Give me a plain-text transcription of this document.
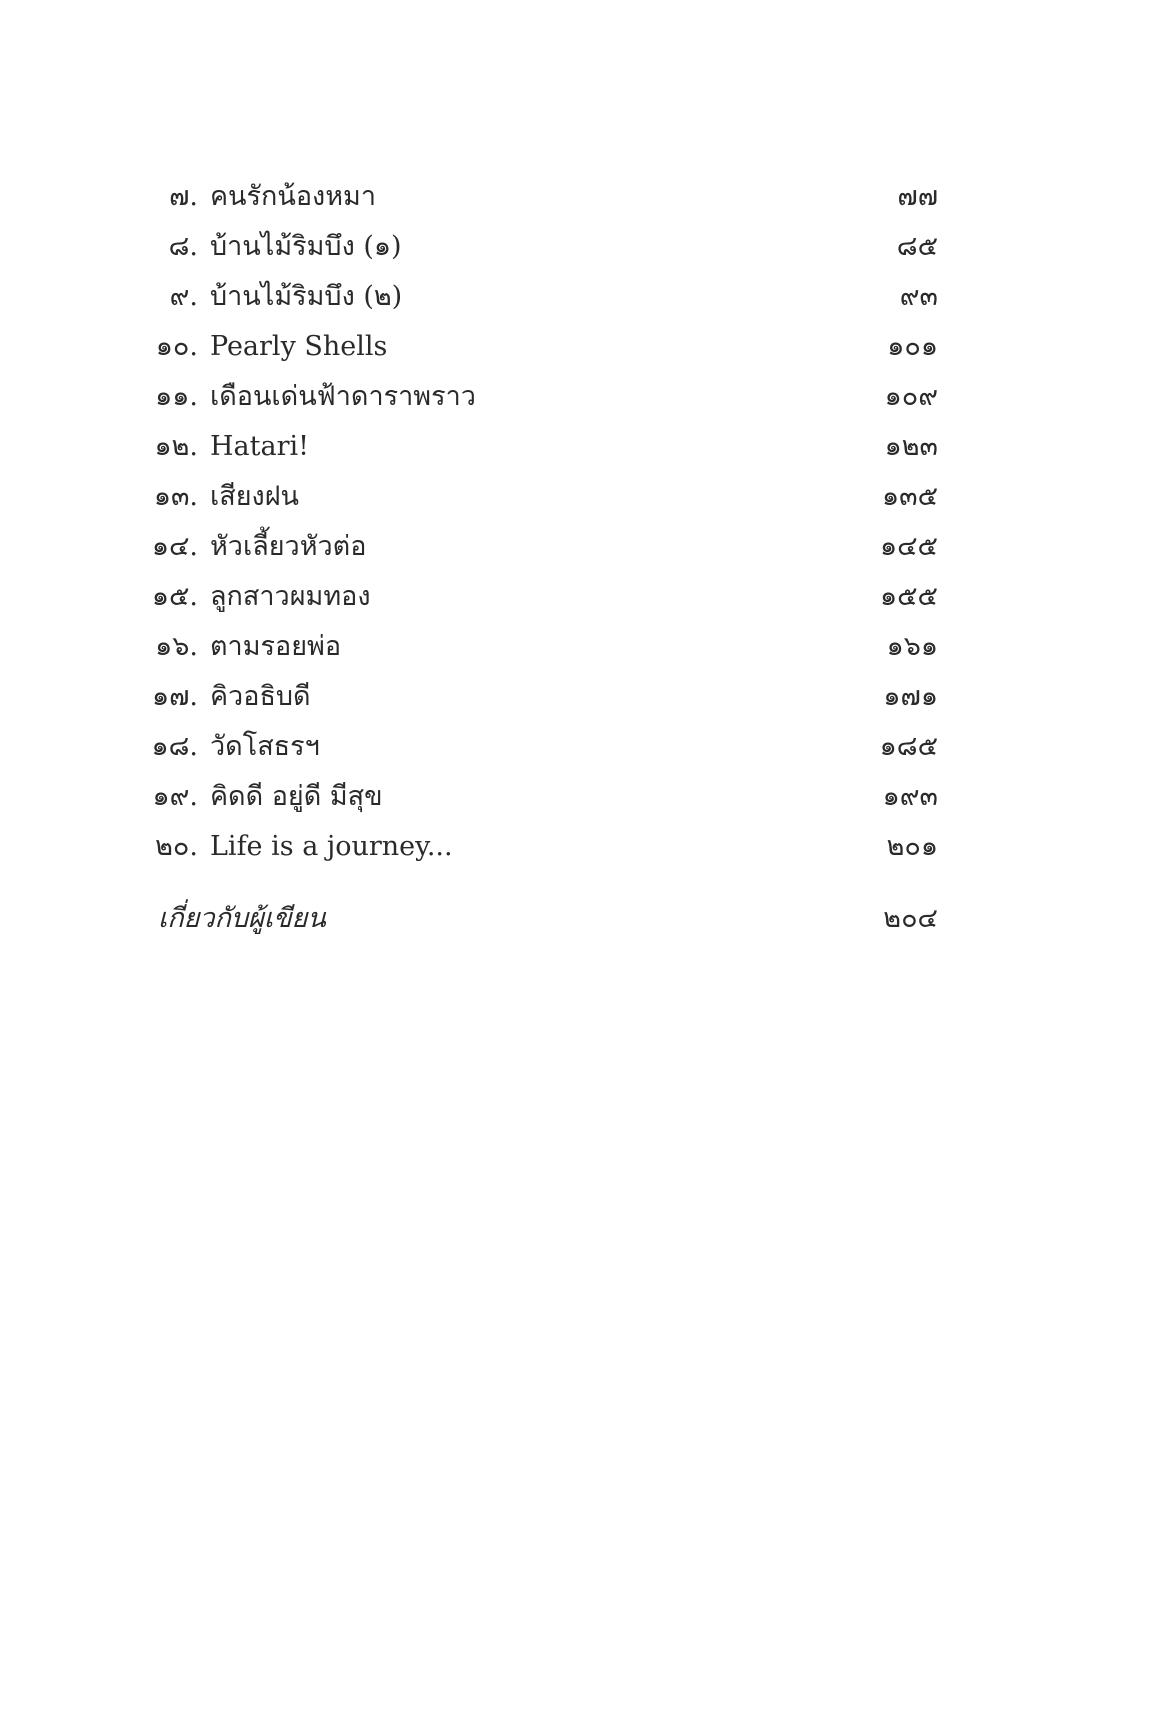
๗. คนรักน้องหมา	๗๗
๘. บ้านไม้ริมบึง (๑)	๘๕
๙. บ้านไม้ริมบึง (๒)	๙๓
๑๐. Pearly Shells	๑๐๑
๑๑. เดือนเด่นฟ้าดาราพราว	๑๐๙
๑๒. Hatari!	๑๒๓
๑๓. เสียงฝน	๑๓๕
๑๔. หัวเลี้ยวหัวต่อ	๑๔๕
๑๕. ลูกสาวผมทอง	๑๕๕
๑๖. ตามรอยพ่อ	๑๖๑
๑๗. คิวอธิบดี	๑๗๑
๑๘. วัดโสธรฯ	๑๘๕
๑๙. คิดดี อยู่ดี มีสุข	๑๙๓
๒๐. Life is a journey...	๒๐๑
เกี่ยวกับผู้เขียน	๒๐๔
